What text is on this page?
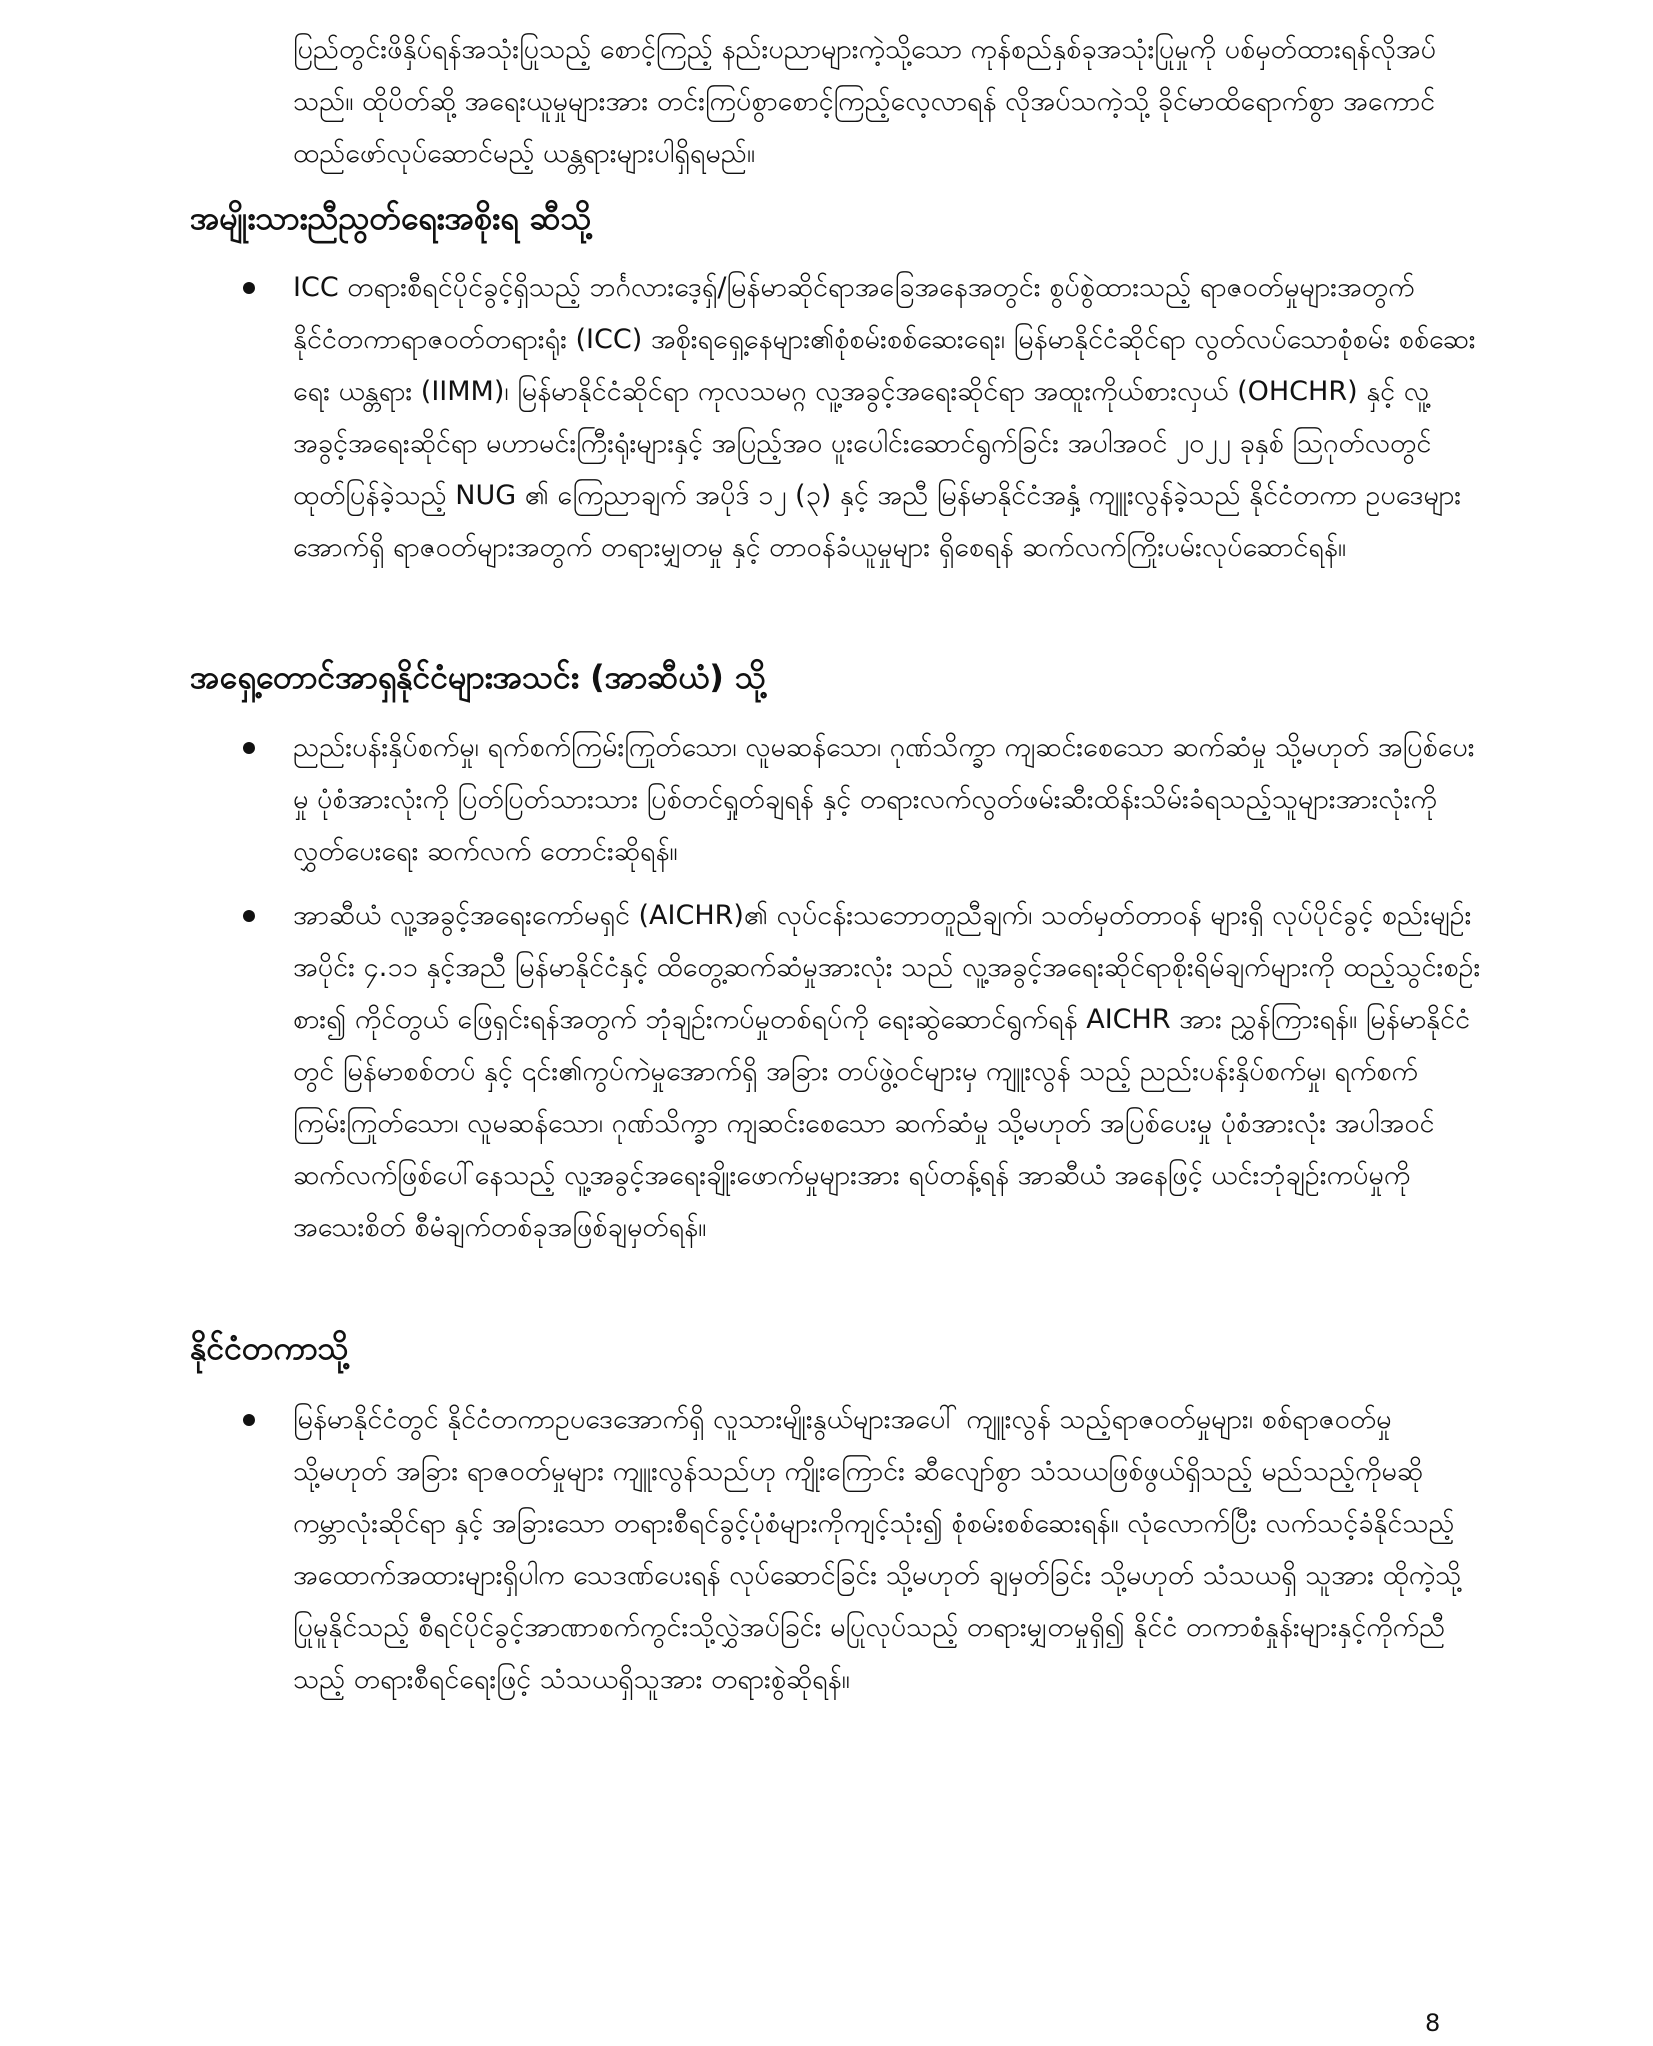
ပြည်တွင်းဖိနှိပ်ရန်အသုံးပြုသည့် စောင့်ကြည့် နည်းပညာများကဲ့သို့သော ကုန်စည်နှစ်ခုအသုံးပြုမှုကို ပစ်မှတ်ထားရန်လိုအပ်သည်။ ထိုပိတ်ဆို့ အရေးယူမှုများအား တင်းကြပ်စွာစောင့်ကြည့်လေ့လာရန် လိုအပ်သကဲ့သို့ ခိုင်မာထိရောက်စွာ အကောင် ထည်ဖော်လုပ်ဆောင်မည့် ယန္တရားများပါရှိရမည်။

အမျိုးသားညီညွတ်ရေးအစိုးရ ဆီသို့

ICC တရားစီရင်ပိုင်ခွင့်ရှိသည့် ဘင်္ဂလားဒေ့ရှ်/မြန်မာဆိုင်ရာအခြေအနေအတွင်း စွပ်စွဲထားသည့် ရာဇဝတ်မှုများအတွက် နိုင်ငံတကာရာဇဝတ်တရားရုံး (ICC) အစိုးရရှေ့နေများ၏စုံစမ်းစစ်ဆေးရေး၊ မြန်မာနိုင်ငံဆိုင်ရာ လွတ်လပ်သောစုံစမ်း စစ်ဆေးရေး ယန္တရား (IIMM)၊ မြန်မာနိုင်ငံဆိုင်ရာ ကုလသမဂ္ဂ လူ့အခွင့်အရေးဆိုင်ရာ အထူးကိုယ်စားလှယ် (OHCHR) နှင့် လူ့အခွင့်အရေးဆိုင်ရာ မဟာမင်းကြီးရုံးများနှင့် အပြည့်အဝ ပူးပေါင်းဆောင်ရွက်ခြင်း အပါအဝင် ၂၀၂၂ ခုနှစ် ဩဂုတ်လတွင် ထုတ်ပြန်ခဲ့သည့် NUG ၏ ကြေညာချက် အပိုဒ် ၁၂ (၃) နှင့် အညီ မြန်မာနိုင်ငံအနှံ့ ကျူးလွန်ခဲ့သည် နိုင်ငံတကာ ဥပဒေများအောက်ရှိ ရာဇဝတ်များအတွက် တရားမျှတမှု နှင့် တာဝန်ခံယူမှုများ ရှိစေရန် ဆက်လက်ကြိုးပမ်းလုပ်ဆောင်ရန်။

အရှေ့တောင်အာရှနိုင်ငံများအသင်း (အာဆီယံ) သို့

ညည်းပန်းနှိပ်စက်မှု၊ ရက်စက်ကြမ်းကြုတ်သော၊ လူမဆန်သော၊ ဂုဏ်သိက္ခာ ကျဆင်းစေသော ဆက်ဆံမှု သို့မဟုတ် အပြစ်ပေးမှု ပုံစံအားလုံးကို ပြတ်ပြတ်သားသား ပြစ်တင်ရှုတ်ချရန် နှင့် တရားလက်လွတ်ဖမ်းဆီးထိန်းသိမ်းခံရသည့်သူများအားလုံးကို လွှတ်ပေးရေး ဆက်လက် တောင်းဆိုရန်။

အာဆီယံ လူ့အခွင့်အရေးကော်မရှင် (AICHR)၏ လုပ်ငန်းသဘောတူညီချက်၊ သတ်မှတ်တာဝန် များရှိ လုပ်ပိုင်ခွင့် စည်းမျဉ်း အပိုင်း ၄.၁၁ နှင့်အညီ မြန်မာနိုင်ငံနှင့် ထိတွေ့ဆက်ဆံမှုအားလုံး သည် လူ့အခွင့်အရေးဆိုင်ရာစိုးရိမ်ချက်များကို ထည့်သွင်းစဥ်းစား၍ ကိုင်တွယ် ဖြေရှင်းရန်အတွက် ဘုံချဉ်းကပ်မှုတစ်ရပ်ကို ရေးဆွဲဆောင်ရွက်ရန် AICHR အား ညွှန်ကြားရန်။ မြန်မာနိုင်ငံ တွင် မြန်မာစစ်တပ် နှင့် ၎င်း၏ကွပ်ကဲမှုအောက်ရှိ အခြား တပ်ဖွဲ့ဝင်များမှ ကျူးလွန် သည့် ညည်းပန်းနှိပ်စက်မှု၊ ရက်စက်ကြမ်းကြုတ်သော၊ လူမဆန်သော၊ ဂုဏ်သိက္ခာ ကျဆင်းစေသော ဆက်ဆံမှု သို့မဟုတ် အပြစ်ပေးမှု ပုံစံအားလုံး အပါအဝင် ဆက်လက်ဖြစ်ပေါ်နေသည့် လူ့အခွင့်အရေးချိုးဖောက်မှုများအား ရပ်တန့်ရန် အာဆီယံ အနေဖြင့် ယင်းဘုံချဉ်းကပ်မှုကို အသေးစိတ် စီမံချက်တစ်ခုအဖြစ်ချမှတ်ရန်။

နိုင်ငံတကာသို့

မြန်မာနိုင်ငံတွင် နိုင်ငံတကာဥပဒေအောက်ရှိ လူသားမျိုးနွယ်များအပေါ် ကျူးလွန် သည့်ရာဇဝတ်မှုများ၊ စစ်ရာဇဝတ်မှု သို့မဟုတ် အခြား ရာဇဝတ်မှုများ ကျူးလွန်သည်ဟု ကျိုးကြောင်း ဆီလျော်စွာ သံသယဖြစ်ဖွယ်ရှိသည့် မည်သည့်ကိုမဆို ကမ္ဘာလုံးဆိုင်ရာ နှင့် အခြားသော တရားစီရင်ခွင့်ပုံစံများကိုကျင့်သုံး၍ စုံစမ်းစစ်ဆေးရန်။ လုံလောက်ပြီး လက်သင့်ခံနိုင်သည့် အထောက်အထားများရှိပါက သေဒဏ်ပေးရန် လုပ်ဆောင်ခြင်း သို့မဟုတ် ချမှတ်ခြင်း သို့မဟုတ် သံသယရှိ သူအား ထိုကဲ့သို့ပြုမူနိုင်သည့် စီရင်ပိုင်ခွင့်အာဏာစက်ကွင်းသို့လွှဲအပ်ခြင်း မပြုလုပ်သည့် တရားမျှတမှုရှိ၍ နိုင်ငံ တကာစံနှုန်းများနှင့်ကိုက်ညီသည့် တရားစီရင်ရေးဖြင့် သံသယရှိသူအား တရားစွဲဆိုရန်။

8
